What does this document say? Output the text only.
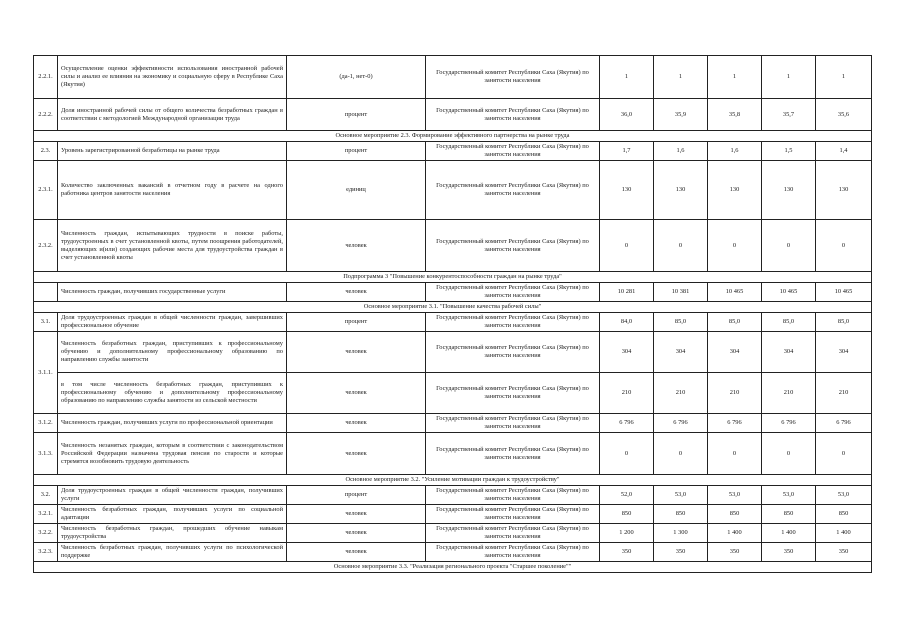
2.2.1.	Осуществление оценки эффективности использования иностранной рабочей силы и анализ ее влияния на экономику и социальную сферу в Республике Саха (Якутия)	(да-1, нет-0)	Государственный комитет Республики Саха (Якутия) по занятости населения	1	1	1	1	1
2.2.2.	Доля иностранной рабочей силы от общего количества безработных граждан в соответствии с методологией Международной организации труда	процент	Государственный комитет Республики Саха (Якутия) по занятости населения	36,0	35,9	35,8	35,7	35,6
Основное мероприятие 2.3. Формирование эффективного партнерства на рынке труда								
2.3.	Уровень зарегистрированной безработицы на рынке труда	процент	Государственный комитет Республики Саха (Якутия) по занятости населения	1,7	1,6	1,6	1,5	1,4
2.3.1.	Количество заключенных вакансий в отчетном году в расчете на одного работника центров занятости населения	единиц	Государственный комитет Республики Саха (Якутия) по занятости населения	130	130	130	130	130
2.3.2.	Численность граждан, испытывающих трудности в поиске работы, трудоустроенных в счет установленной квоты, путем поощрения работодателей, выделяющих и(или) создающих рабочие места для трудоустройства граждан в счет установленной квоты	человек	Государственный комитет Республики Саха (Якутия) по занятости населения	0	0	0	0	0
Подпрограмма 3 "Повышение конкурентоспособности граждан на рынке труда"								
	Численность граждан, получивших государственные услуги	человек	Государственный комитет Республики Саха (Якутия) по занятости населения	10 281	10 381	10 465	10 465	10 465
Основное мероприятие 3.1. "Повышение качества рабочей силы"								
3.1.	Доля трудоустроенных граждан в общей численности граждан, завершивших профессиональное обучение	процент	Государственный комитет Республики Саха (Якутия) по занятости населения	84,0	85,0	85,0	85,0	85,0
3.1.1.	Численность безработных граждан, приступивших к профессиональному обучению и дополнительному профессиональному образованию по направлению службы занятости	человек	Государственный комитет Республики Саха (Якутия) по занятости населения	304	304	304	304	304
	в том числе численность безработных граждан, приступивших к профессиональному обучению и дополнительному профессиональному образованию по направлению службы занятости из сельской местности	человек	Государственный комитет Республики Саха (Якутия) по занятости населения	210	210	210	210	210
3.1.2.	Численность граждан, получивших услуги по профессиональной ориентации	человек	Государственный комитет Республики Саха (Якутия) по занятости населения	6 796	6 796	6 796	6 796	6 796
3.1.3.	Численность незанятых граждан, которым в соответствии с законодательством Российской Федерации назначена трудовая пенсия по старости и которые стремятся возобновить трудовую деятельность	человек	Государственный комитет Республики Саха (Якутия) по занятости населения	0	0	0	0	0
Основное мероприятие 3.2. "Усиление мотивации граждан к трудоустройству"								
3.2.	Доля трудоустроенных граждан в общей численности граждан, получивших услуги	процент	Государственный комитет Республики Саха (Якутия) по занятости населения	52,0	53,0	53,0	53,0	53,0
3.2.1.	Численность безработных граждан, получивших услуги по социальной адаптации	человек	Государственный комитет Республики Саха (Якутия) по занятости населения	850	850	850	850	850
3.2.2.	Численность безработных граждан, прошедших обучение навыкам трудоустройства	человек	Государственный комитет Республики Саха (Якутия) по занятости населения	1 200	1 300	1 400	1 400	1 400
3.2.3.	Численность безработных граждан, получивших услуги по психологической поддержке	человек	Государственный комитет Республики Саха (Якутия) по занятости населения	350	350	350	350	350
Основное мероприятие 3.3. "Реализация регионального проекта "Старшее поколение""								
